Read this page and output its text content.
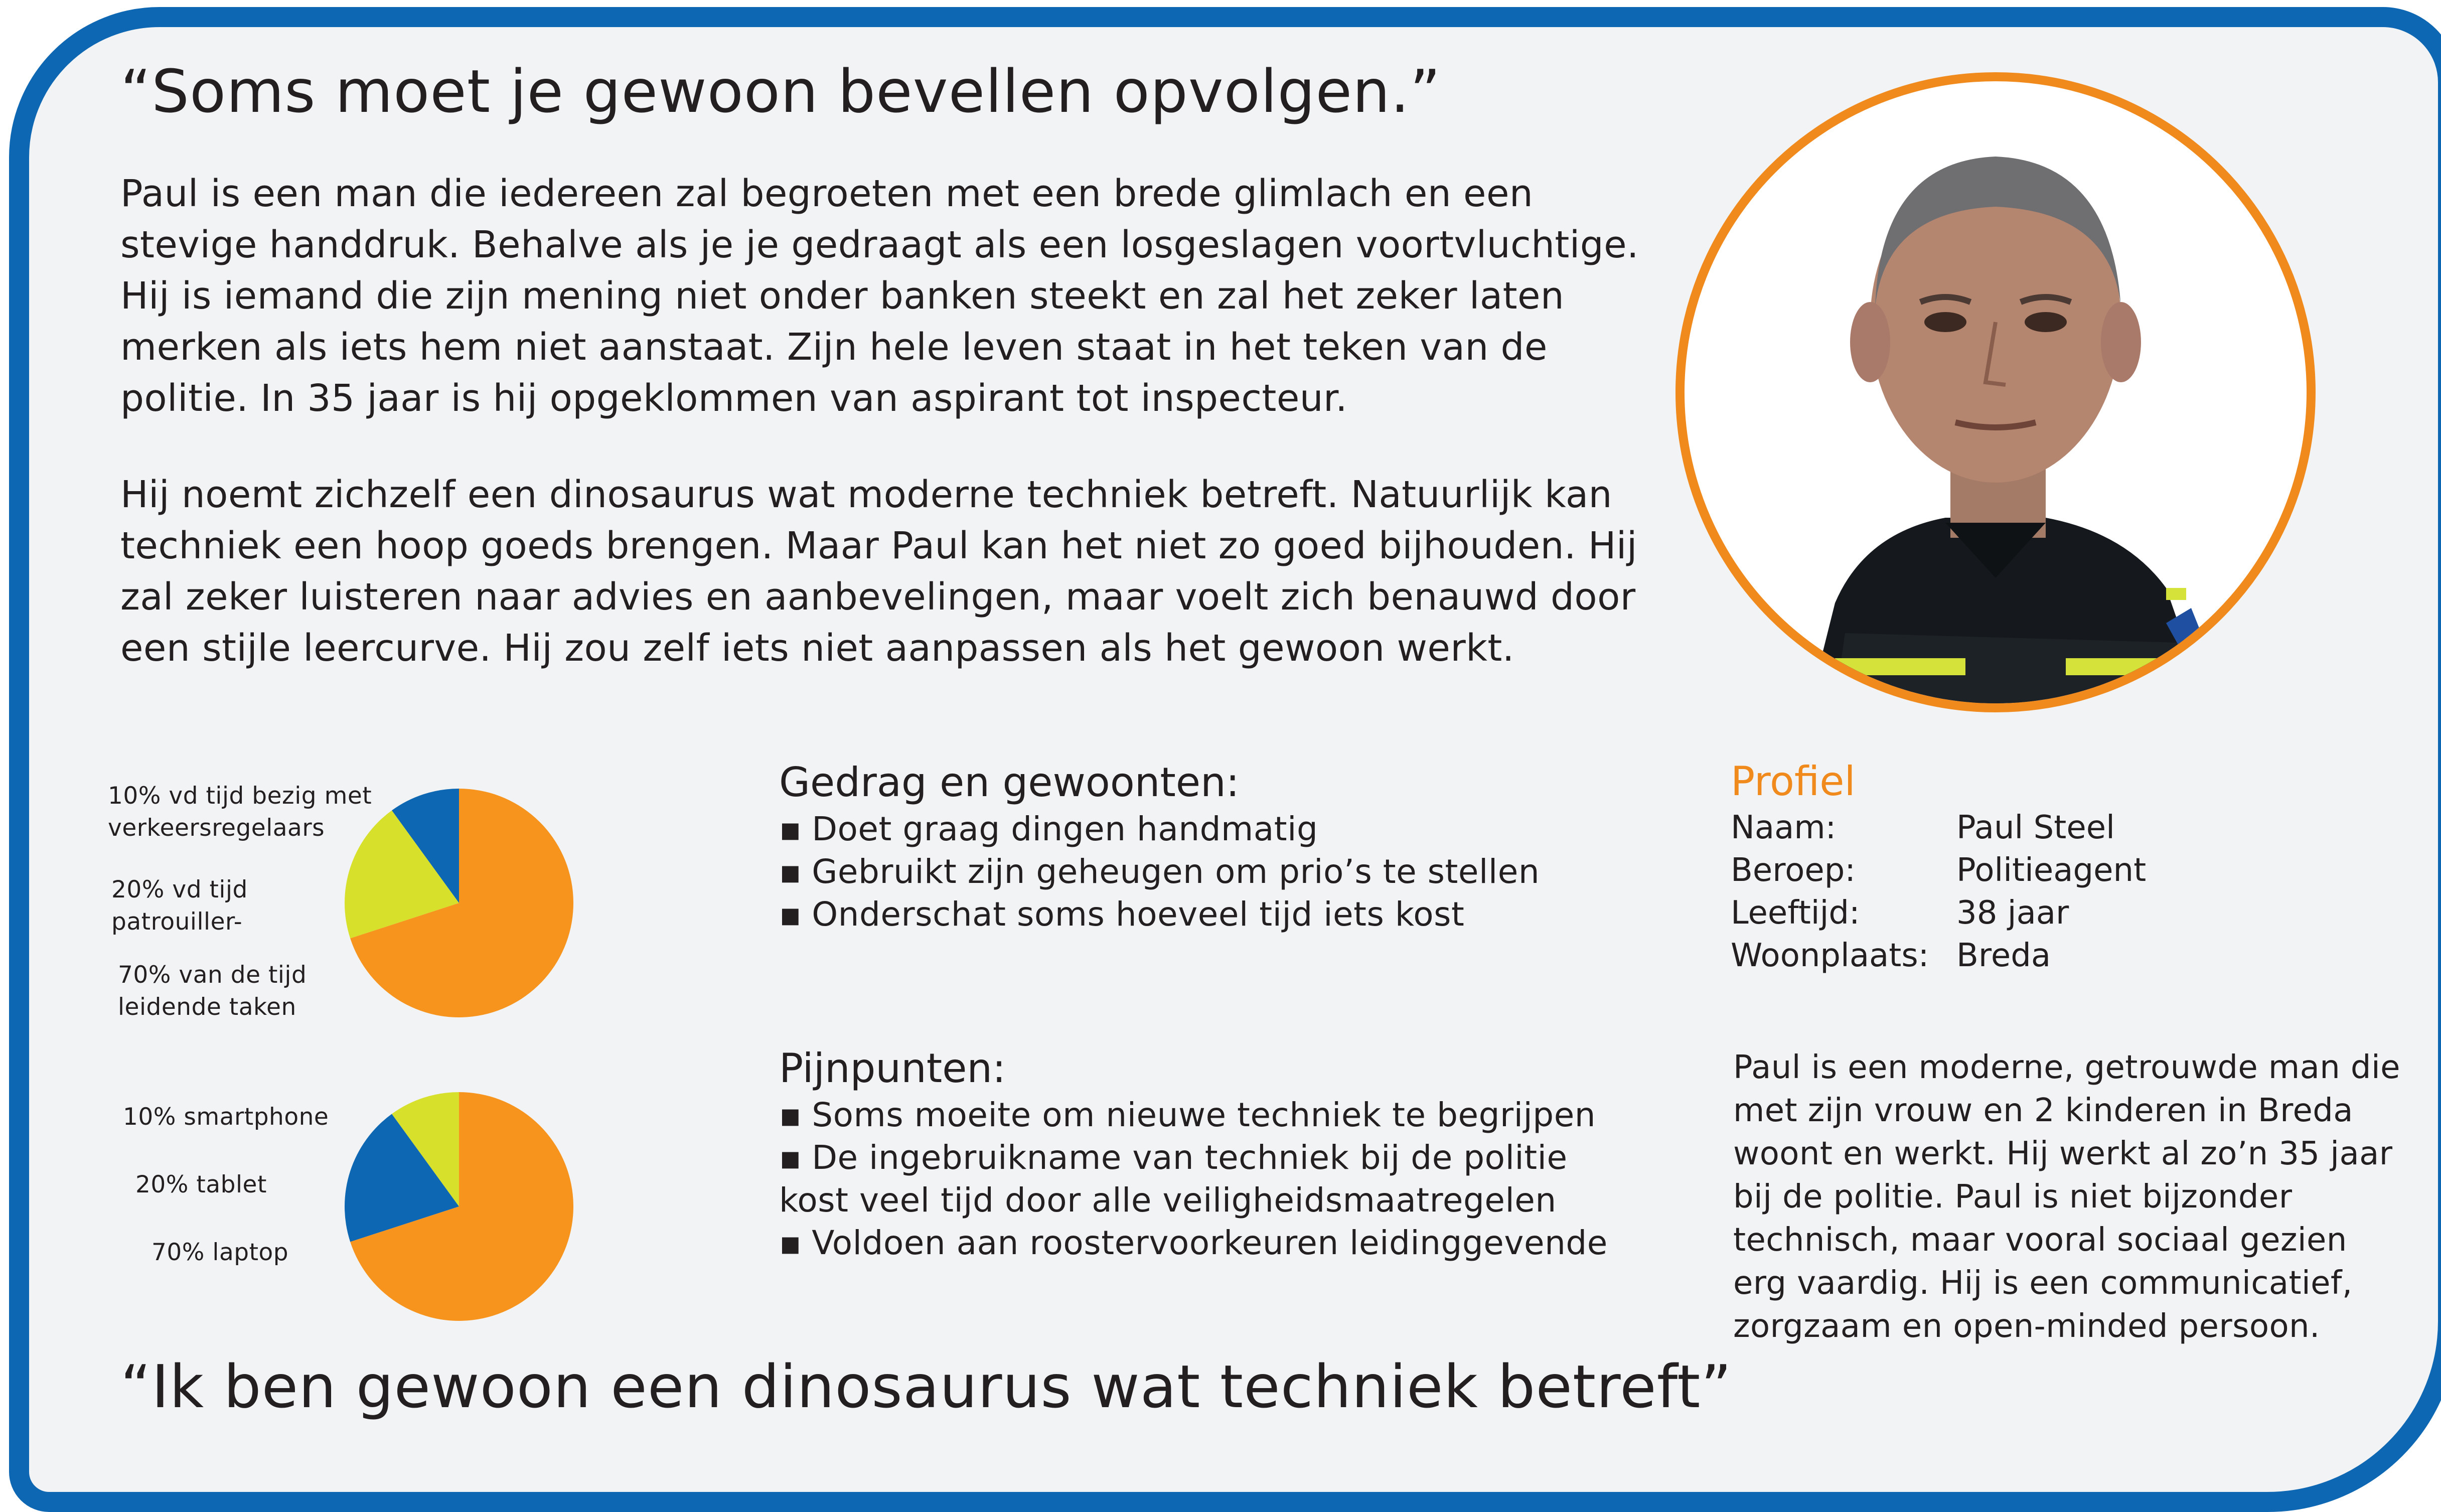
“Soms moet je gewoon bevellen opvolgen.”

Paul is een man die iedereen zal begroeten met een brede glimlach en een stevige handdruk. Behalve als je je gedraagt als een losgeslagen voortvluchtige. Hij is iemand die zijn mening niet onder banken steekt en zal het zeker laten merken als iets hem niet aanstaat. Zijn hele leven staat in het teken van de politie. In 35 jaar is hij opgeklommen van aspirant tot inspecteur.

Hij noemt zichzelf een dinosaurus wat moderne techniek betreft. Natuurlijk kan techniek een hoop goeds brengen. Maar Paul kan het niet zo goed bijhouden. Hij zal zeker luisteren naar advies en aanbevelingen, maar voelt zich benauwd door een stijle leercurve. Hij zou zelf iets niet aanpassen als het gewoon werkt.

10% vd tijd bezig met
verkeersregelaars
20% vd tijd
patrouiller-
70% van de tijd
leidende taken
10% smartphone
20% tablet
70% laptop
Gedrag en gewoonten:
▪ Doet graag dingen handmatig
▪ Gebruikt zijn geheugen om prio’s te stellen
▪ Onderschat soms hoeveel tijd iets kost
Pijnpunten:
▪ Soms moeite om nieuwe techniek te begrijpen
▪ De ingebruikname van techniek bij de politie
kost veel tijd door alle veiligheidsmaatregelen
▪ Voldoen aan roostervoorkeuren leidinggevende
Profiel
Naam:	Paul Steel
Beroep:	Politieagent
Leeftijd:	38 jaar
Woonplaats: Breda

Paul is een moderne, getrouwde man die met zijn vrouw en 2 kinderen in Breda woont en werkt. Hij werkt al zo’n 35 jaar bij de politie. Paul is niet bijzonder technisch, maar vooral sociaal gezien erg vaardig. Hij is een communicatief, zorgzaam en open-minded persoon.

“Ik ben gewoon een dinosaurus wat techniek betreft”
